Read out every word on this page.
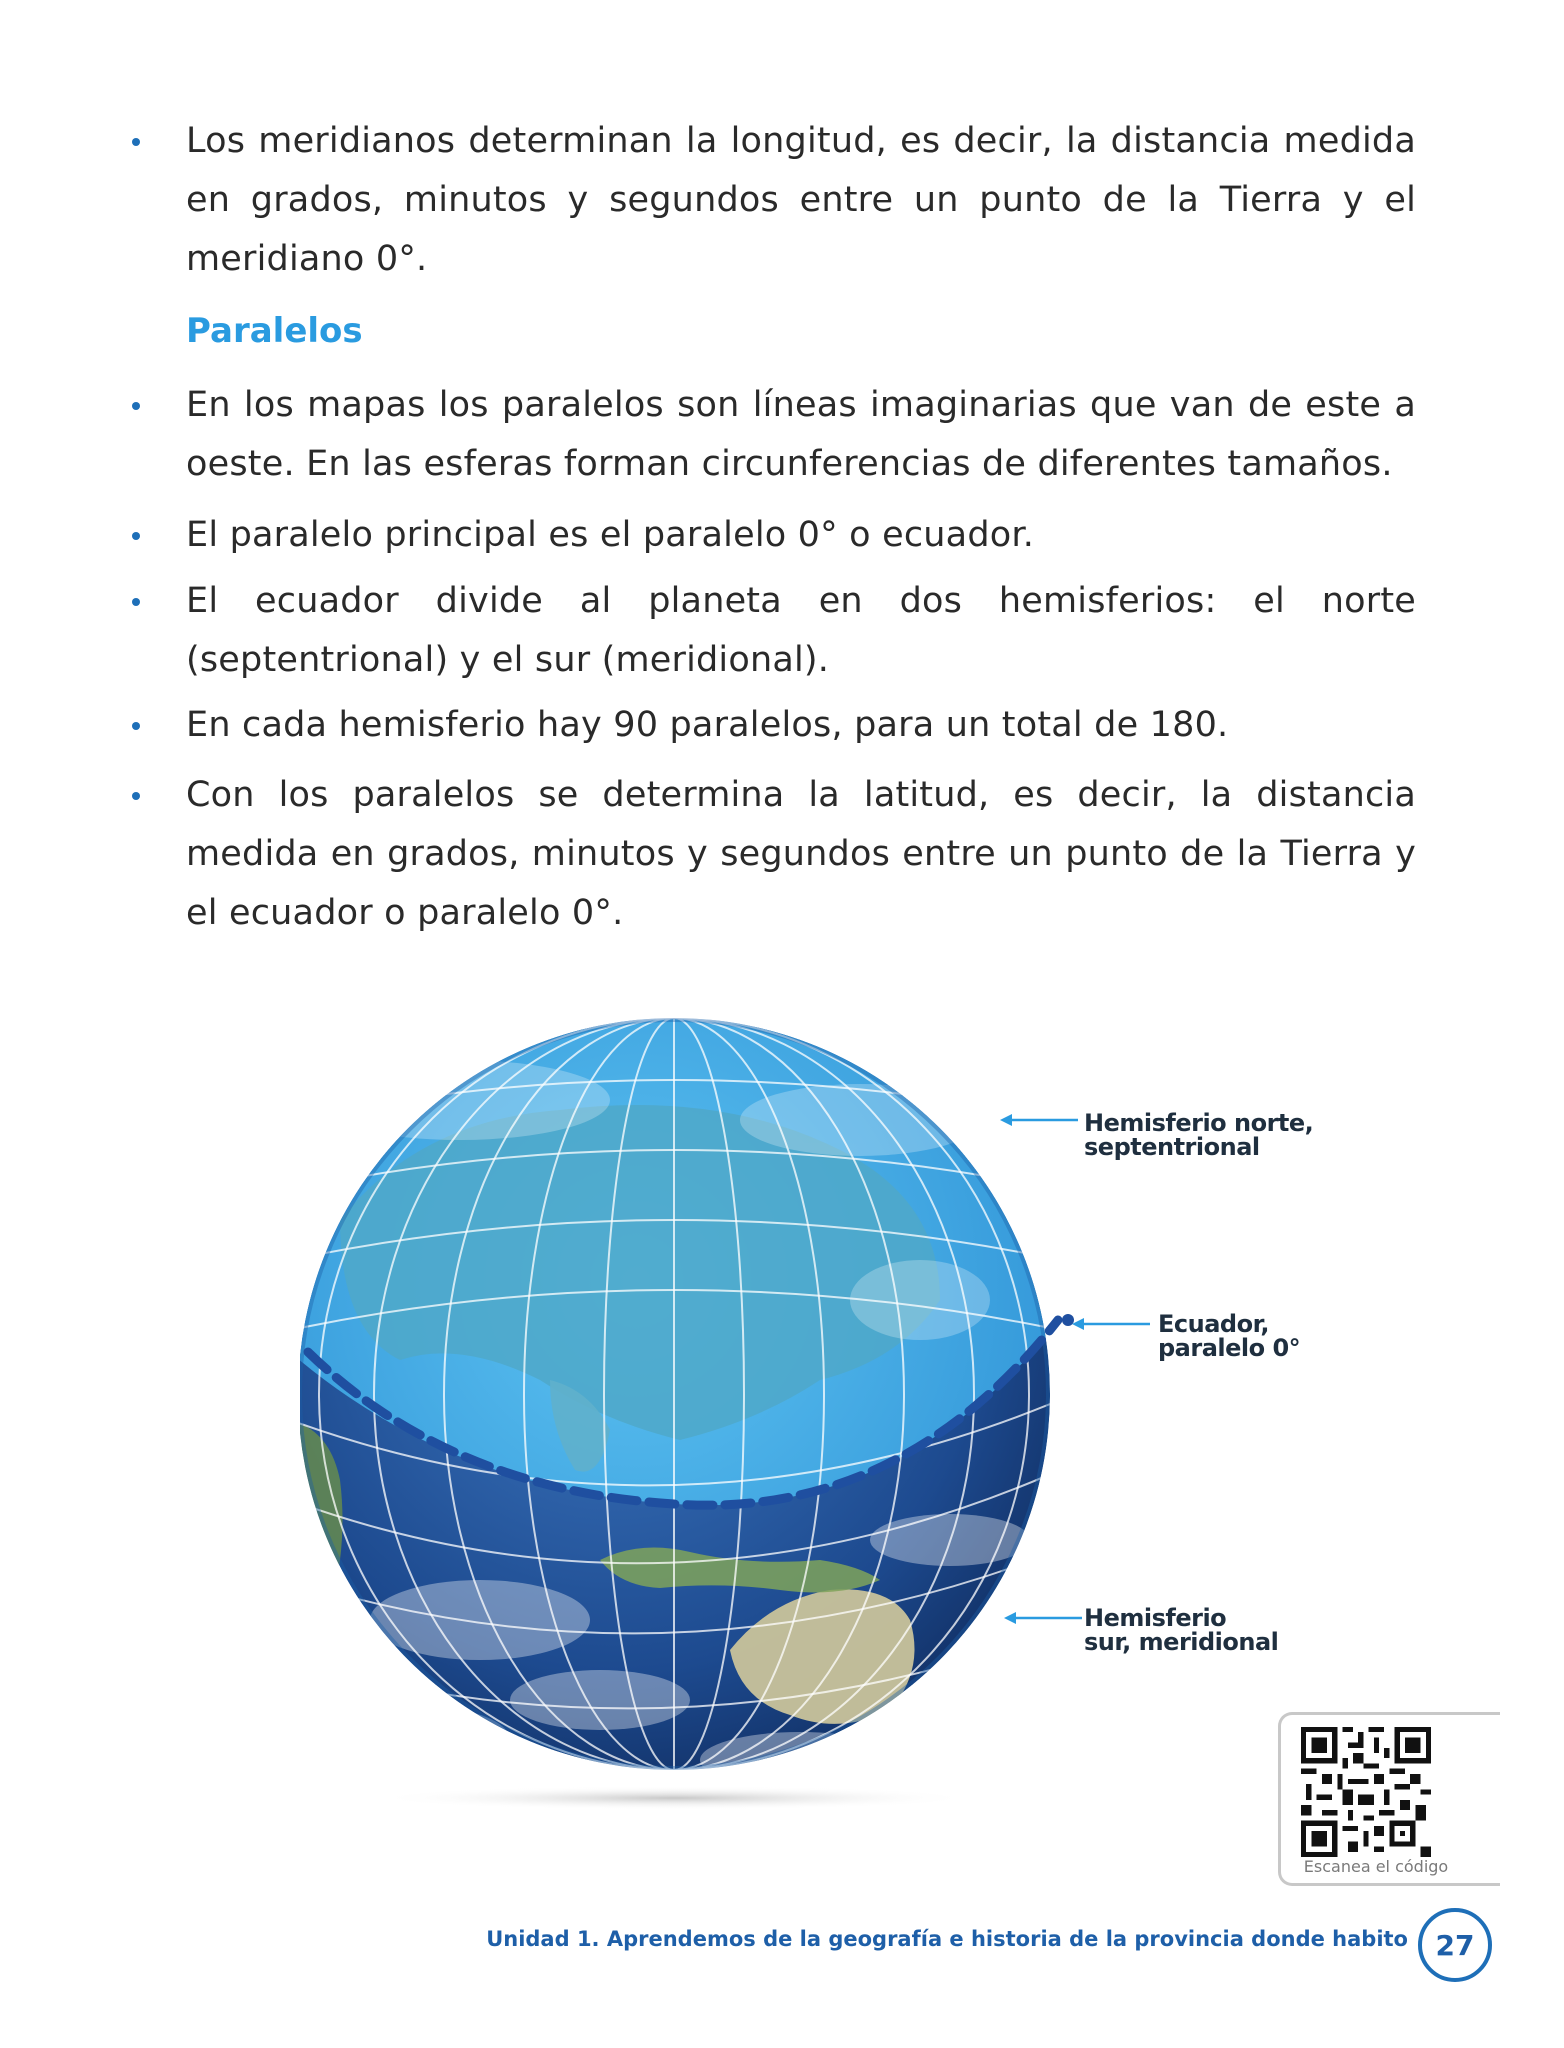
Los meridianos determinan la longitud, es decir, la distancia medida en grados, minutos y segundos entre un punto de la Tierra y el meridiano 0°.

Paralelos

En los mapas los paralelos son líneas imaginarias que van de este a oeste. En las esferas forman circunferencias de diferentes tamaños.

El paralelo principal es el paralelo 0° o ecuador.

El ecuador divide al planeta en dos hemisferios: el norte (septentrional) y el sur (meridional).

En cada hemisferio hay 90 paralelos, para un total de 180.

Con los paralelos se determina la latitud, es decir, la distancia medida en grados, minutos y segundos entre un punto de la Tierra y el ecuador o paralelo 0°.

Hemisferio norte,
septentrional
Ecuador,
paralelo 0°
Hemisferio
sur, meridional
Escanea el código
Unidad 1. Aprendemos de la geografía e historia de la provincia donde habito 27
